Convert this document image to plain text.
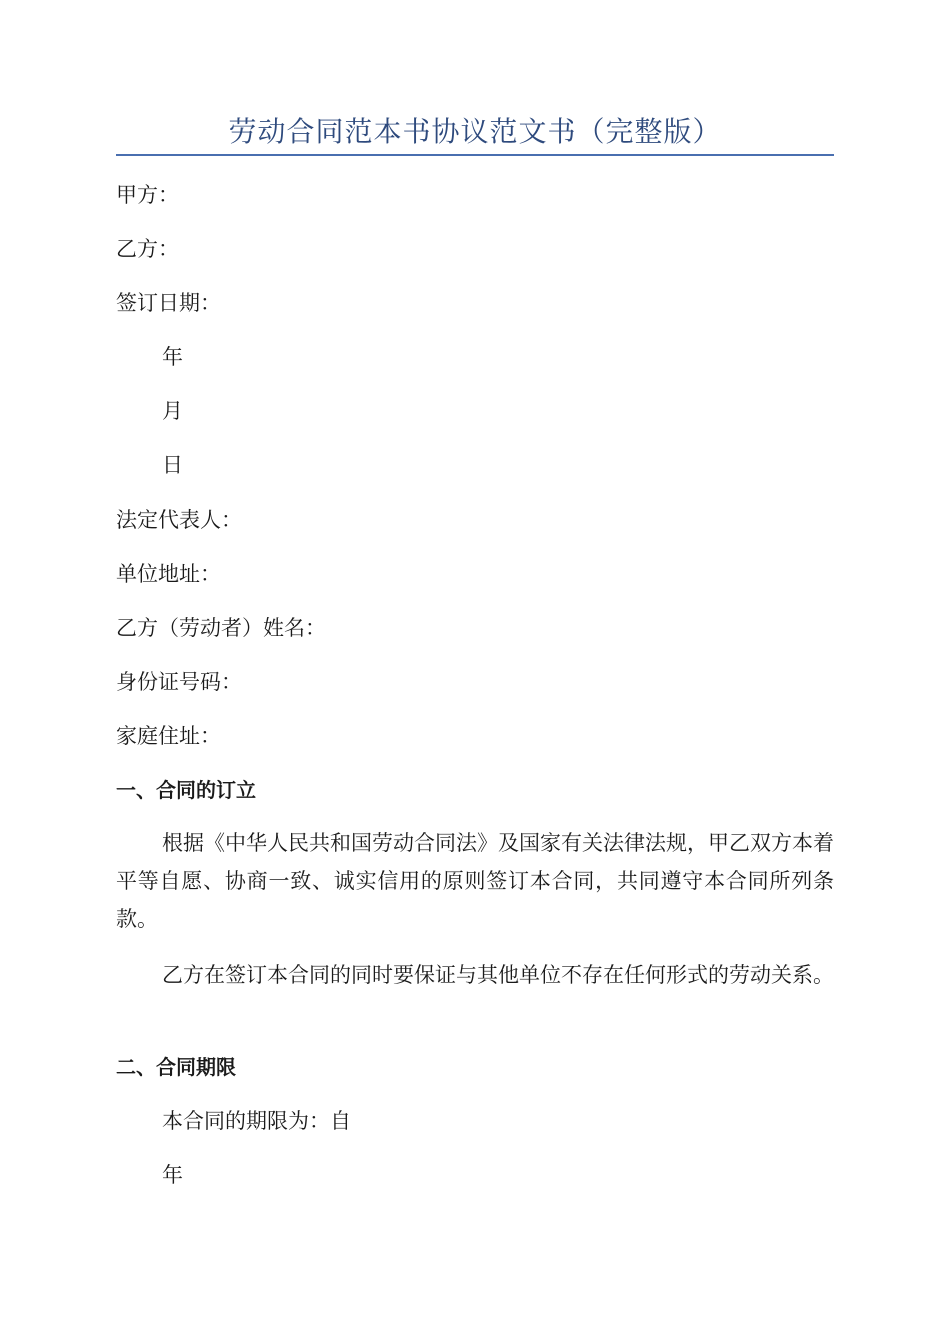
劳动合同范本书协议范文书（完整版）
甲方：
乙方：
签订日期：
年
月
日
法定代表人：
单位地址：
乙方（劳动者）姓名：
身份证号码：
家庭住址：
一、合同的订立
根据《中华人民共和国劳动合同法》及国家有关法律法规，甲乙双方本着平等自愿、协商一致、诚实信用的原则签订本合同，共同遵守本合同所列条款。
乙方在签订本合同的同时要保证与其他单位不存在任何形式的劳动关系。
二、合同期限
本合同的期限为：自
年
